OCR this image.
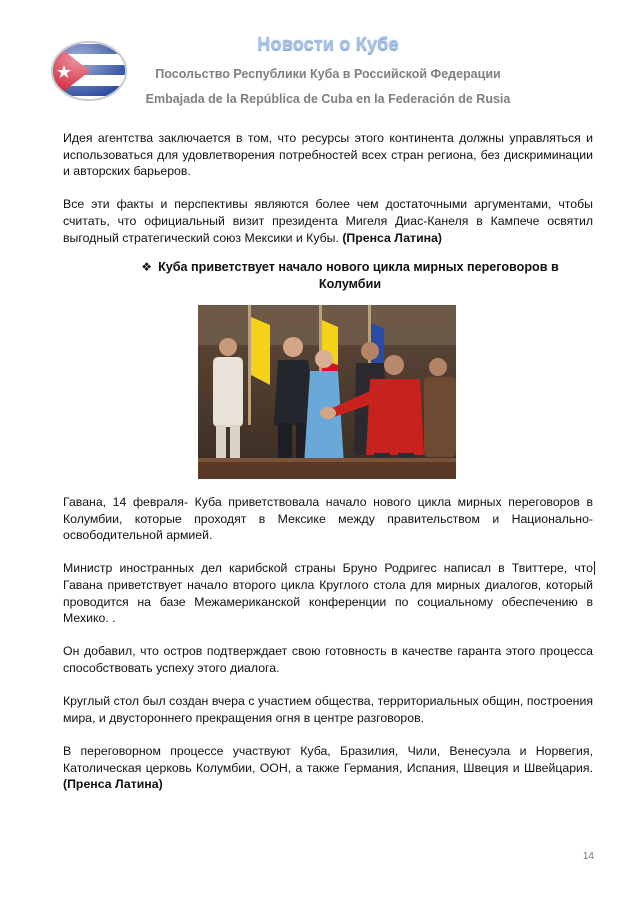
Новости о Кубе
Посольство Республики Куба в Российской Федерации
Embajada de la República de Cuba en la Federación de Rusia

Идея агентства заключается в том, что ресурсы этого континента должны управляться и использоваться для удовлетворения потребностей всех стран региона, без дискриминации и авторских барьеров.

Все эти факты и перспективы являются более чем достаточными аргументами, чтобы считать, что официальный визит президента Мигеля Диас-Канеля в Кампече освятил выгодный стратегический союз Мексики и Кубы. (Пренса Латина)

❖ Куба приветствует начало нового цикла мирных переговоров в Колумбии

Гавана, 14 февраля- Куба приветствовала начало нового цикла мирных переговоров в Колумбии, которые проходят в Мексике между правительством и Национально-освободительной армией.

Министр иностранных дел карибской страны Бруно Родригес написал в Твиттере, что Гавана приветствует начало второго цикла Круглого стола для мирных диалогов, который проводится на базе Межамериканской конференции по социальному обеспечению в Мехико. .

Он добавил, что остров подтверждает свою готовность в качестве гаранта этого процесса способствовать успеху этого диалога.

Круглый стол был создан вчера с участием общества, территориальных общин, построения мира, и двустороннего прекращения огня в центре разговоров.

В переговорном процессе участвуют Куба, Бразилия, Чили, Венесуэла и Норвегия, Католическая церковь Колумбии, ООН, а также Германия, Испания, Швеция и Швейцария. (Пренса Латина)

14
